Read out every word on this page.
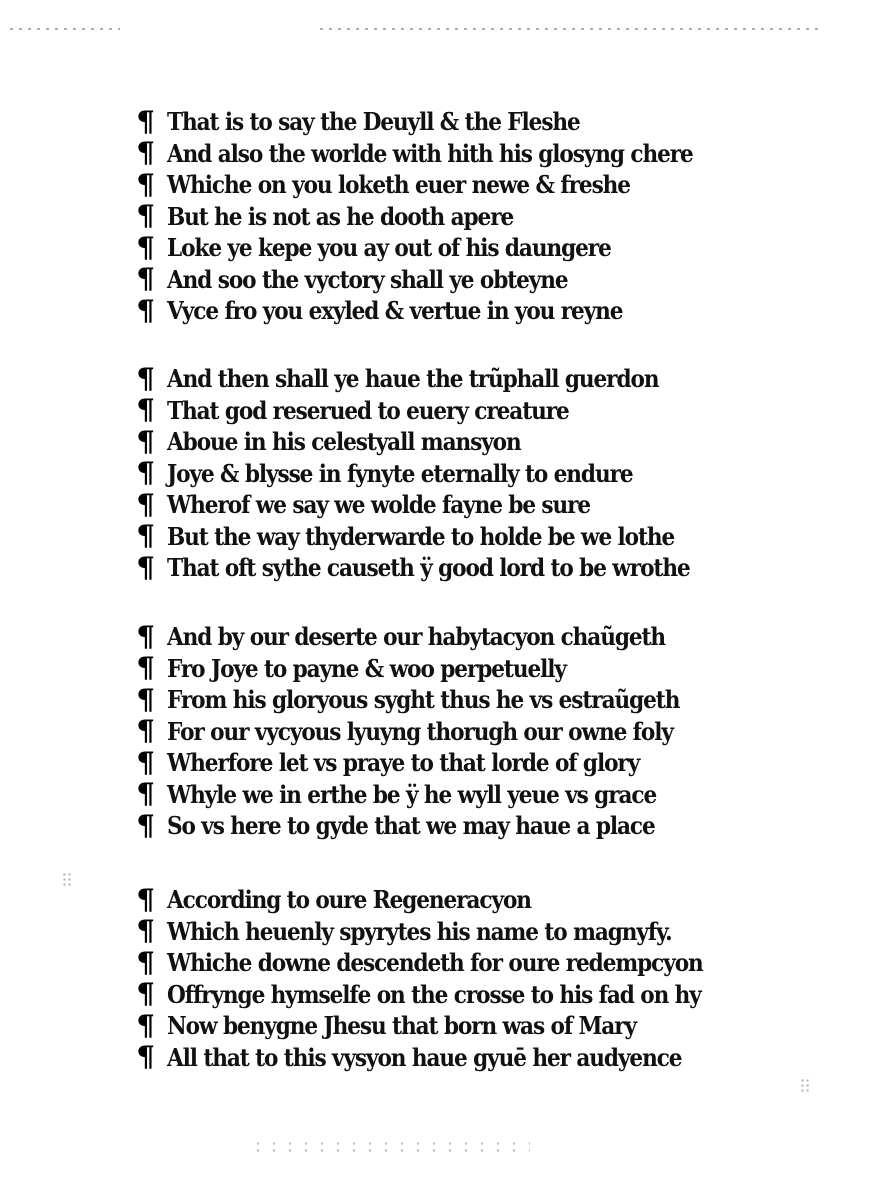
¶ That is to say the Deuyll & the Fleshe
¶ And also the worlde with hith his glosyng chere
¶ Whiche on you loketh euer newe & freshe
¶ But he is not as he dooth apere
¶ Loke ye kepe you ay out of his daungere
¶ And soo the vyctory shall ye obteyne
¶ Vyce fro you exyled & vertue in you reyne
¶ And then shall ye haue the trũphall guerdon
¶ That god reserued to euery creature
¶ Aboue in his celestyall mansyon
¶ Joye & blysse in fynyte eternally to endure
¶ Wherof we say we wolde fayne be sure
¶ But the way thyderwarde to holde be we lothe
¶ That oft sythe causeth ÿ good lord to be wrothe
¶ And by our deserte our habytacyon chaũgeth
¶ Fro Joye to payne & woo perpetuelly
¶ From his gloryous syght thus he vs estraũgeth
¶ For our vycyous lyuyng thorugh our owne foly
¶ Wherfore let vs praye to that lorde of glory
¶ Whyle we in erthe be ÿ he wyll yeue vs grace
¶ So vs here to gyde that we may haue a place
¶ According to oure Regeneracyon
¶ Which heuenly spyrytes his name to magnyfy.
¶ Whiche downe descendeth for oure redempcyon
¶ Offrynge hymselfe on the crosse to his fad on hy
¶ Now benygne Jhesu that born was of Mary
¶ All that to this vysyon haue gyuē her audyence
